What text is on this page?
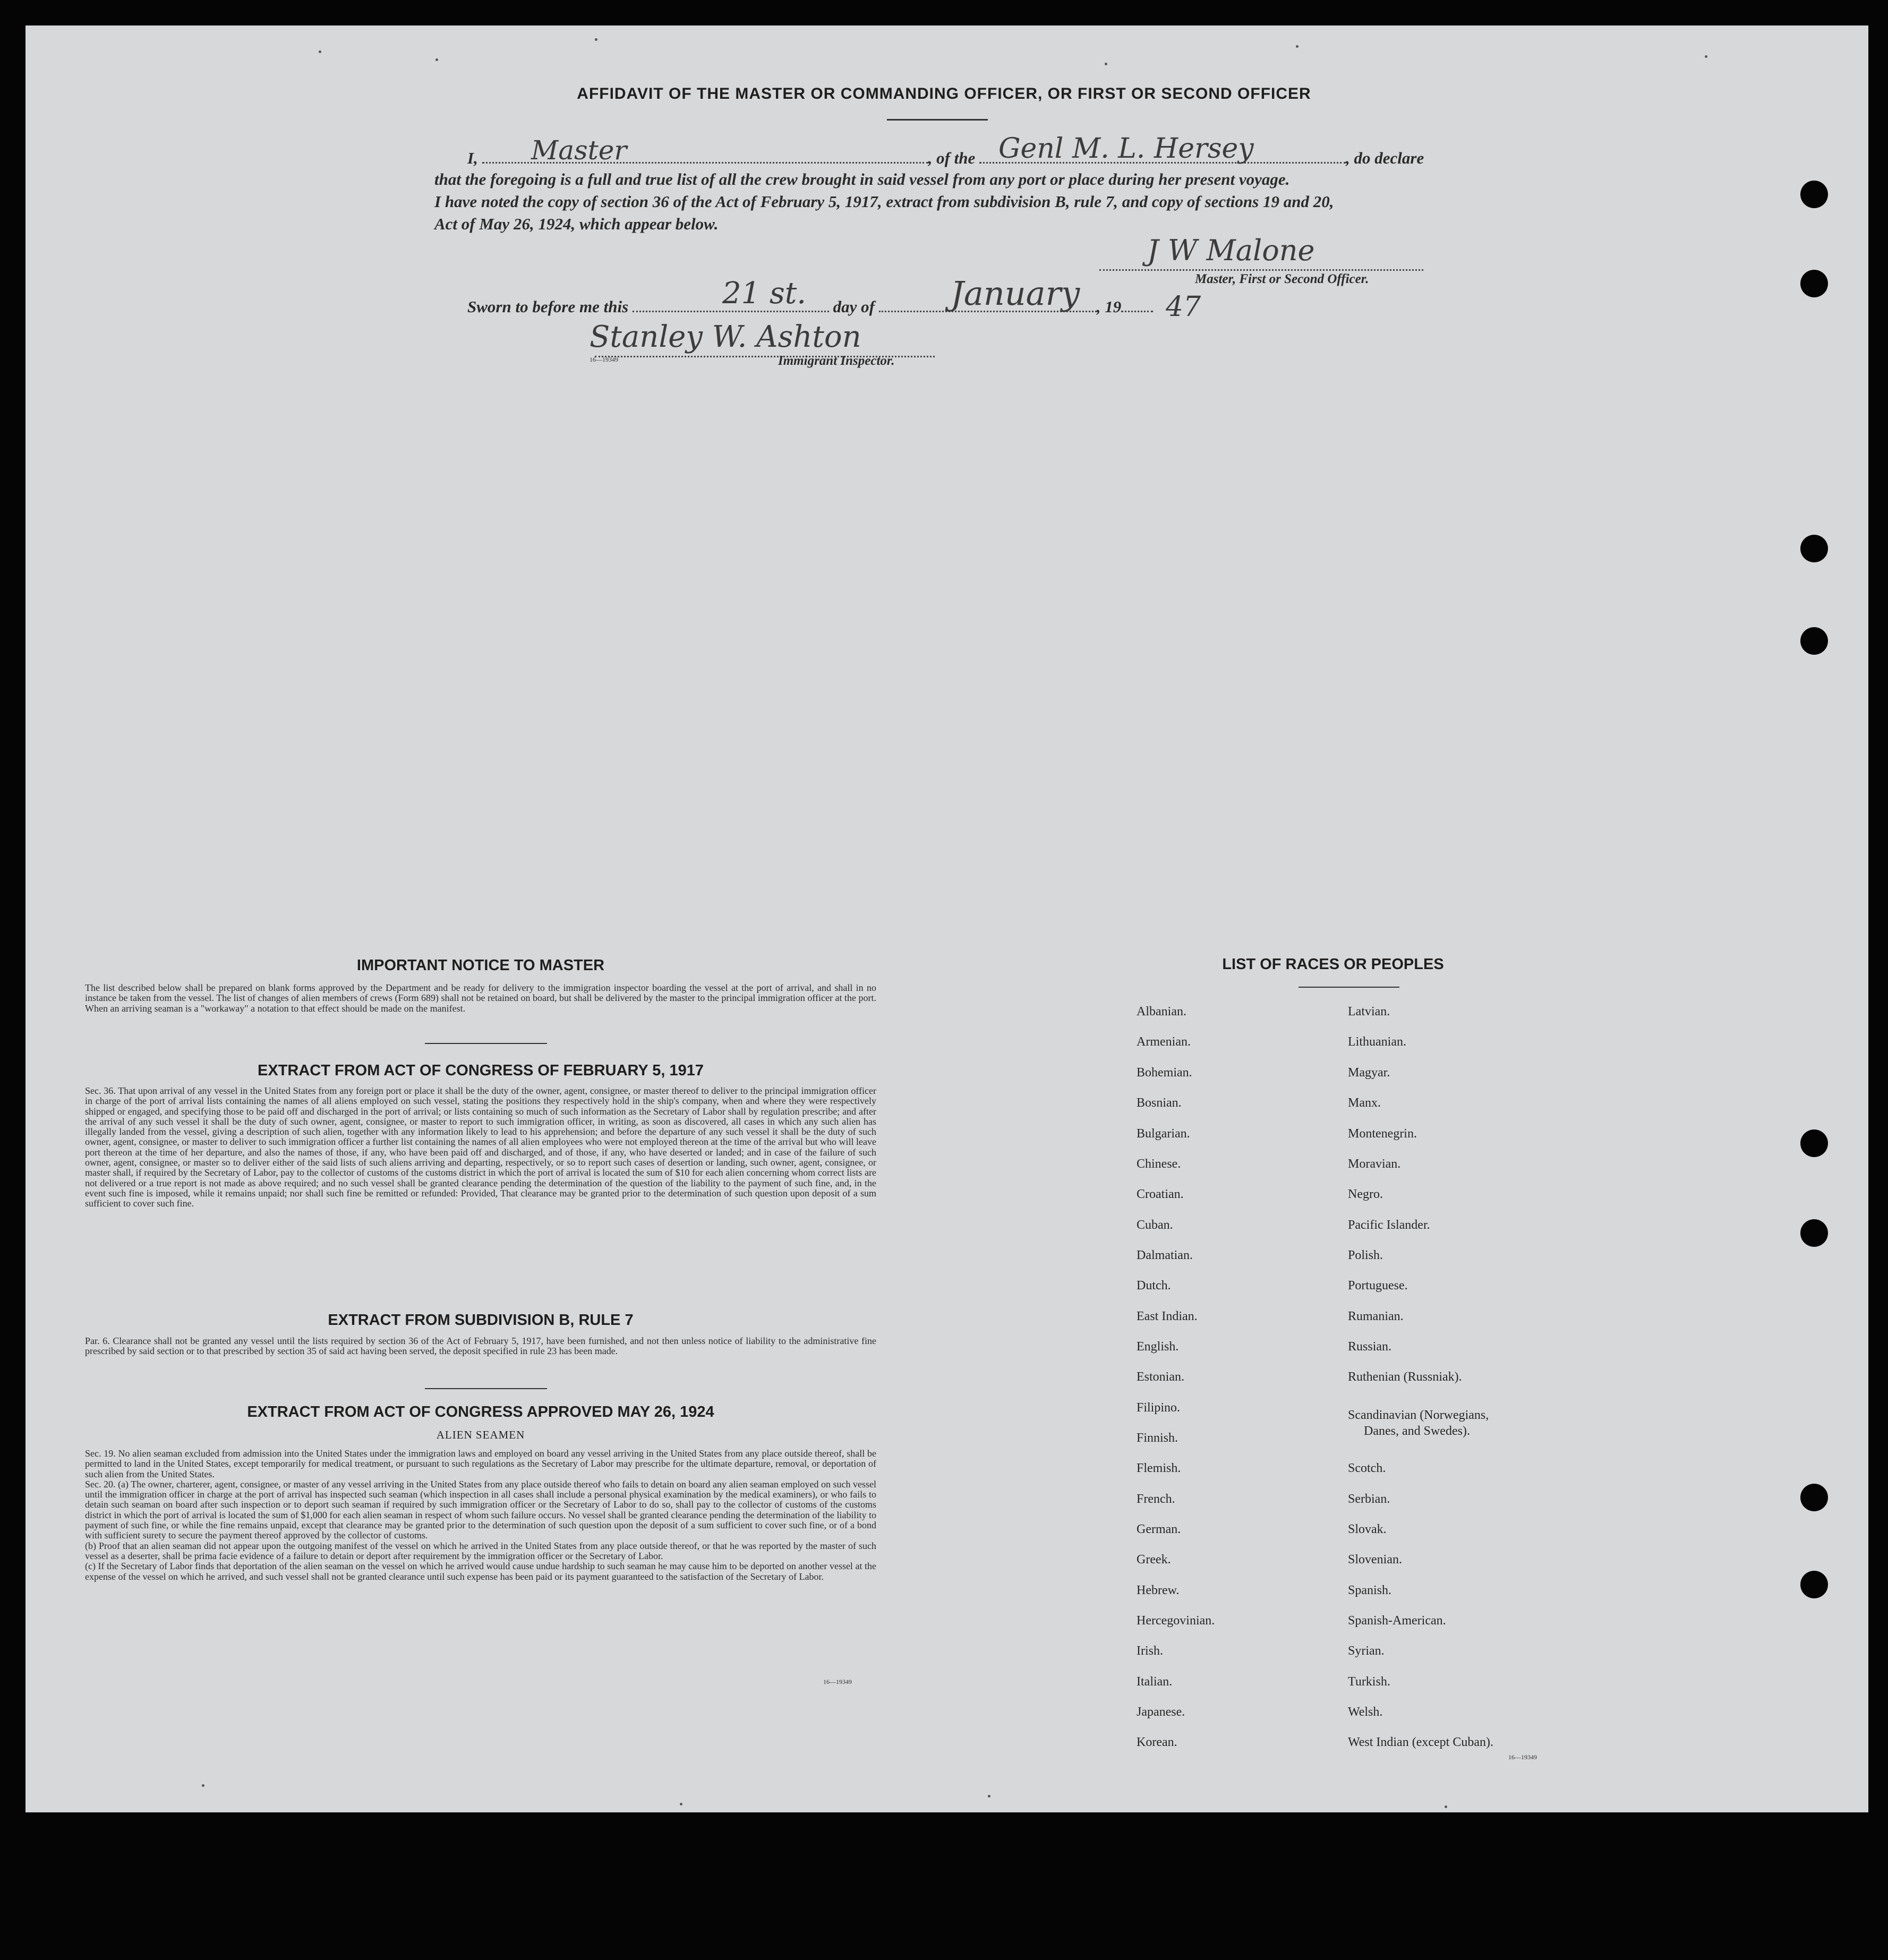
AFFIDAVIT OF THE MASTER OR COMMANDING OFFICER, OR FIRST OR SECOND OFFICER
I,	, of the	, do declare
Master	Genl M. L. Hersey
that the foregoing is a full and true list of all the crew brought in said vessel from any port or place during her present voyage.
I have noted the copy of section 36 of the Act of February 5, 1917, extract from subdivision B, rule 7, and copy of sections 19 and 20,
Act of May 26, 1924, which appear below.
J W Malone
Master, First or Second Officer.
Sworn to before me this	day of	, 19
21 st.	January	47
Stanley W. Ashton
16—19349	Immigrant Inspector.
IMPORTANT NOTICE TO MASTER
The list described below shall be prepared on blank forms approved by the Department and be ready for delivery to the immigration inspector boarding the vessel at the port of arrival, and shall in no instance be taken from the vessel. The list of changes of alien members of crews (Form 689) shall not be retained on board, but shall be delivered by the master to the principal immigration officer at the port. When an arriving seaman is a "workaway" a notation to that effect should be made on the manifest.
EXTRACT FROM ACT OF CONGRESS OF FEBRUARY 5, 1917
Sec. 36. That upon arrival of any vessel in the United States from any foreign port or place it shall be the duty of the owner, agent, consignee, or master thereof to deliver to the principal immigration officer in charge of the port of arrival lists containing the names of all aliens employed on such vessel, stating the positions they respectively hold in the ship's company, when and where they were respectively shipped or engaged, and specifying those to be paid off and discharged in the port of arrival; or lists containing so much of such information as the Secretary of Labor shall by regulation prescribe; and after the arrival of any such vessel it shall be the duty of such owner, agent, consignee, or master to report to such immigration officer, in writing, as soon as discovered, all cases in which any such alien has illegally landed from the vessel, giving a description of such alien, together with any information likely to lead to his apprehension; and before the departure of any such vessel it shall be the duty of such owner, agent, consignee, or master to deliver to such immigration officer a further list containing the names of all alien employees who were not employed thereon at the time of the arrival but who will leave port thereon at the time of her departure, and also the names of those, if any, who have been paid off and discharged, and of those, if any, who have deserted or landed; and in case of the failure of such owner, agent, consignee, or master so to deliver either of the said lists of such aliens arriving and departing, respectively, or so to report such cases of desertion or landing, such owner, agent, consignee, or master shall, if required by the Secretary of Labor, pay to the collector of customs of the customs district in which the port of arrival is located the sum of $10 for each alien concerning whom correct lists are not delivered or a true report is not made as above required; and no such vessel shall be granted clearance pending the determination of the question of the liability to the payment of such fine, and, in the event such fine is imposed, while it remains unpaid; nor shall such fine be remitted or refunded: Provided, That clearance may be granted prior to the determination of such question upon deposit of a sum sufficient to cover such fine.
EXTRACT FROM SUBDIVISION B, RULE 7
Par. 6. Clearance shall not be granted any vessel until the lists required by section 36 of the Act of February 5, 1917, have been furnished, and not then unless notice of liability to the administrative fine prescribed by said section or to that prescribed by section 35 of said act having been served, the deposit specified in rule 23 has been made.
EXTRACT FROM ACT OF CONGRESS APPROVED MAY 26, 1924
ALIEN SEAMEN
Sec. 19. No alien seaman excluded from admission into the United States under the immigration laws and employed on board any vessel arriving in the United States from any place outside thereof, shall be permitted to land in the United States, except temporarily for medical treatment, or pursuant to such regulations as the Secretary of Labor may prescribe for the ultimate departure, removal, or deportation of such alien from the United States.
Sec. 20. (a) The owner, charterer, agent, consignee, or master of any vessel arriving in the United States from any place outside thereof who fails to detain on board any alien seaman employed on such vessel until the immigration officer in charge at the port of arrival has inspected such seaman (which inspection in all cases shall include a personal physical examination by the medical examiners), or who fails to detain such seaman on board after such inspection or to deport such seaman if required by such immigration officer or the Secretary of Labor to do so, shall pay to the collector of customs of the customs district in which the port of arrival is located the sum of $1,000 for each alien seaman in respect of whom such failure occurs. No vessel shall be granted clearance pending the determination of the liability to payment of such fine, or while the fine remains unpaid, except that clearance may be granted prior to the determination of such question upon the deposit of a sum sufficient to cover such fine, or of a bond with sufficient surety to secure the payment thereof approved by the collector of customs.
(b) Proof that an alien seaman did not appear upon the outgoing manifest of the vessel on which he arrived in the United States from any place outside thereof, or that he was reported by the master of such vessel as a deserter, shall be prima facie evidence of a failure to detain or deport after requirement by the immigration officer or the Secretary of Labor.
(c) If the Secretary of Labor finds that deportation of the alien seaman on the vessel on which he arrived would cause undue hardship to such seaman he may cause him to be deported on another vessel at the expense of the vessel on which he arrived, and such vessel shall not be granted clearance until such expense has been paid or its payment guaranteed to the satisfaction of the Secretary of Labor.
16—19349
LIST OF RACES OR PEOPLES
Albanian.
Armenian.
Bohemian.
Bosnian.
Bulgarian.
Chinese.
Croatian.
Cuban.
Dalmatian.
Dutch.
East Indian.
English.
Estonian.
Filipino.
Finnish.
Flemish.
French.
German.
Greek.
Hebrew.
Hercegovinian.
Irish.
Italian.
Japanese.
Korean.
Latvian.
Lithuanian.
Magyar.
Manx.
Montenegrin.
Moravian.
Negro.
Pacific Islander.
Polish.
Portuguese.
Rumanian.
Russian.
Ruthenian (Russniak).
Scandinavian (Norwegians,
Danes, and Swedes).
Scotch.
Serbian.
Slovak.
Slovenian.
Spanish.
Spanish-American.
Syrian.
Turkish.
Welsh.
West Indian (except Cuban).
16—19349
